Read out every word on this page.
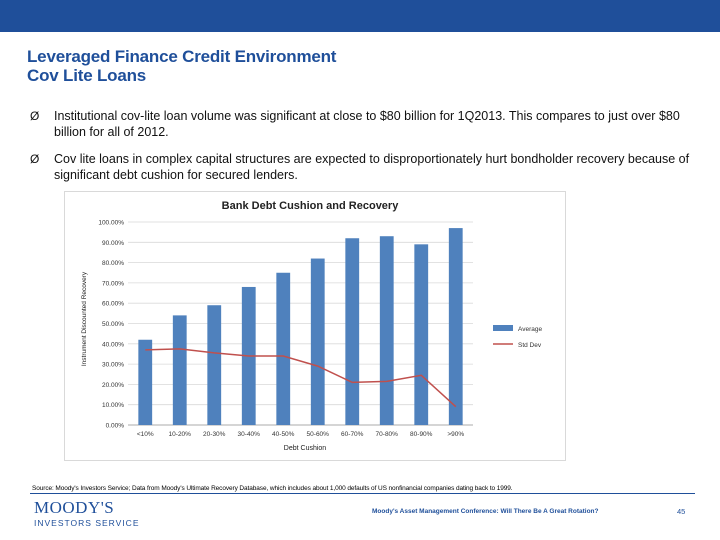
Leveraged Finance Credit Environment
Cov Lite Loans
Ø Institutional cov-lite loan volume was significant at close to $80 billion for 1Q2013. This compares to just over $80 billion for all of 2012.
Ø Cov lite loans in complex capital structures are expected to disproportionately hurt bondholder recovery because of significant debt cushion for secured lenders.
Bank Debt Cushion and Recovery
Debt Cushion
Instrument Discounted Recovery
0.00%
10.00%
20.00%
30.00%
40.00%
50.00%
60.00%
70.00%
80.00%
90.00%
100.00%
<10% 10-20% 20-30% 30-40% 40-50% 50-60% 60-70% 70-80% 80-90% >90%
Average
Std Dev
Source: Moody's Investors Service; Data from Moody's Ultimate Recovery Database, which includes about 1,000 defaults of US nonfinancial companies dating back to 1999.
MOODY'S
INVESTORS SERVICE
Moody's Asset Management Conference: Will There Be A Great Rotation?	45
